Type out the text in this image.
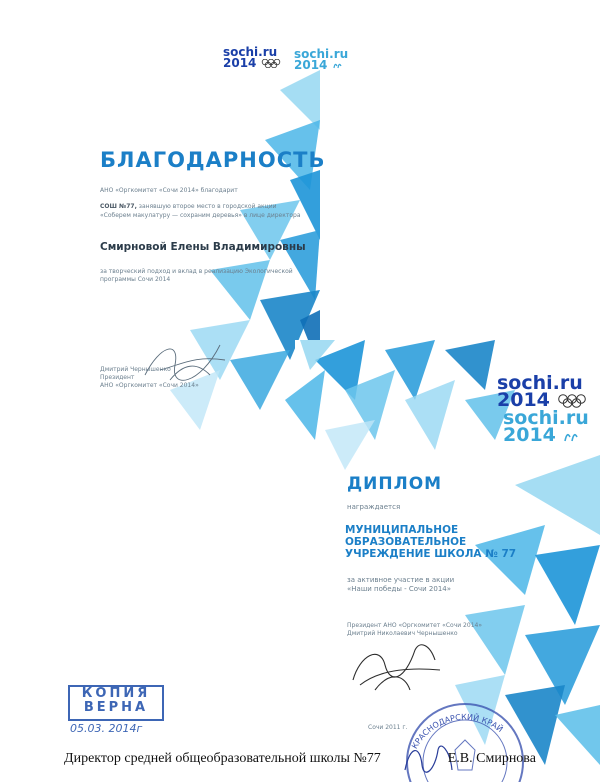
sochi.ru
2014
sochi.ru
2014
БЛАГОДАРНОСТЬ
АНО «Оргкомитет «Сочи 2014» благодарит
СОШ №77, занявшую второе место в городской акции
«Соберем макулатуру — сохраним деревья» в лице директора
Смирновой Елены Владимировны
за творческий подход и вклад в реализацию Экологической
программы Сочи 2014
Дмитрий Чернышенко
Президент
АНО «Оргкомитет «Сочи 2014»	sochi.ru
2014
sochi.ru
2014
ДИПЛОМ
награждается
МУНИЦИПАЛЬНОЕ
ОБРАЗОВАТЕЛЬНОЕ
УЧРЕЖДЕНИЕ ШКОЛА № 77
за активное участие в акции
«Наши победы - Сочи 2014»
Президент АНО «Оргкомитет «Сочи 2014»
Дмитрий Николаевич Чернышенко
Сочи 2011 г.
КОПИЯ
ВЕРНА
05.03. 2014г
КРАСНОДАРСКИЙ КРАЙ
Директор средней общеобразовательной школы №77	Е.В. Смирнова
